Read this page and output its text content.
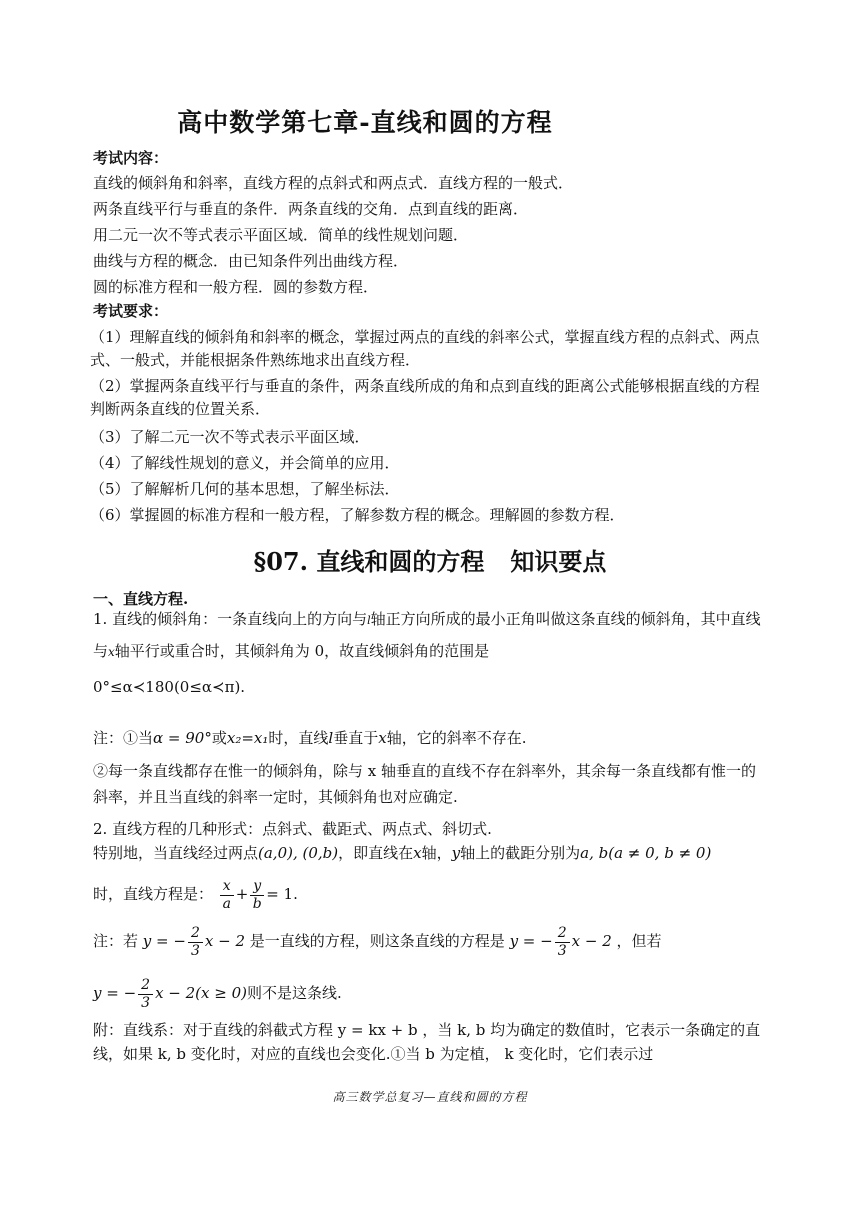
高中数学第七章-直线和圆的方程
考试内容：
直线的倾斜角和斜率，直线方程的点斜式和两点式．直线方程的一般式．
两条直线平行与垂直的条件．两条直线的交角．点到直线的距离．
用二元一次不等式表示平面区域．简单的线性规划问题．
曲线与方程的概念．由已知条件列出曲线方程．
圆的标准方程和一般方程．圆的参数方程．
考试要求：
（1）理解直线的倾斜角和斜率的概念，掌握过两点的直线的斜率公式，掌握直线方程的点斜式、两点式、一般式，并能根据条件熟练地求出直线方程．
（2）掌握两条直线平行与垂直的条件，两条直线所成的角和点到直线的距离公式能够根据直线的方程判断两条直线的位置关系．
（3）了解二元一次不等式表示平面区域．
（4）了解线性规划的意义，并会简单的应用．
（5）了解解析几何的基本思想，了解坐标法．
（6）掌握圆的标准方程和一般方程，了解参数方程的概念。理解圆的参数方程．
§07. 直线和圆的方程 知识要点
一、直线方程.
1. 直线的倾斜角：一条直线向上的方向与l轴正方向所成的最小正角叫做这条直线的倾斜角，其中直线与x轴平行或重合时，其倾斜角为 0，故直线倾斜角的范围是
0°≤α≺180(0≤α≺π).
注：①当α = 90°或x₂=x₁时，直线l垂直于x轴，它的斜率不存在.
②每一条直线都存在惟一的倾斜角，除与 x 轴垂直的直线不存在斜率外，其余每一条直线都有惟一的斜率，并且当直线的斜率一定时，其倾斜角也对应确定.
2. 直线方程的几种形式：点斜式、截距式、两点式、斜切式.
特别地，当直线经过两点(a,0), (0,b)，即直线在x轴，y轴上的截距分别为a, b(a ≠ 0, b ≠ 0)
时，直线方程是： $\frac{x}{a} + \frac{y}{b} = 1$.
注：若 y = − $\frac{2}{3}$ x − 2 是一直线的方程，则这条直线的方程是 y = − $\frac{2}{3}$ x − 2 ，但若
y = − $\frac{2}{3}$ x − 2(x ≥ 0)则不是这条线.
附：直线系：对于直线的斜截式方程 y = kx + b ，当 k, b 均为确定的数值时，它表示一条确定的直线，如果 k, b 变化时，对应的直线也会变化.①当 b 为定植， k 变化时，它们表示过
高三数学总复习—直线和圆的方程
